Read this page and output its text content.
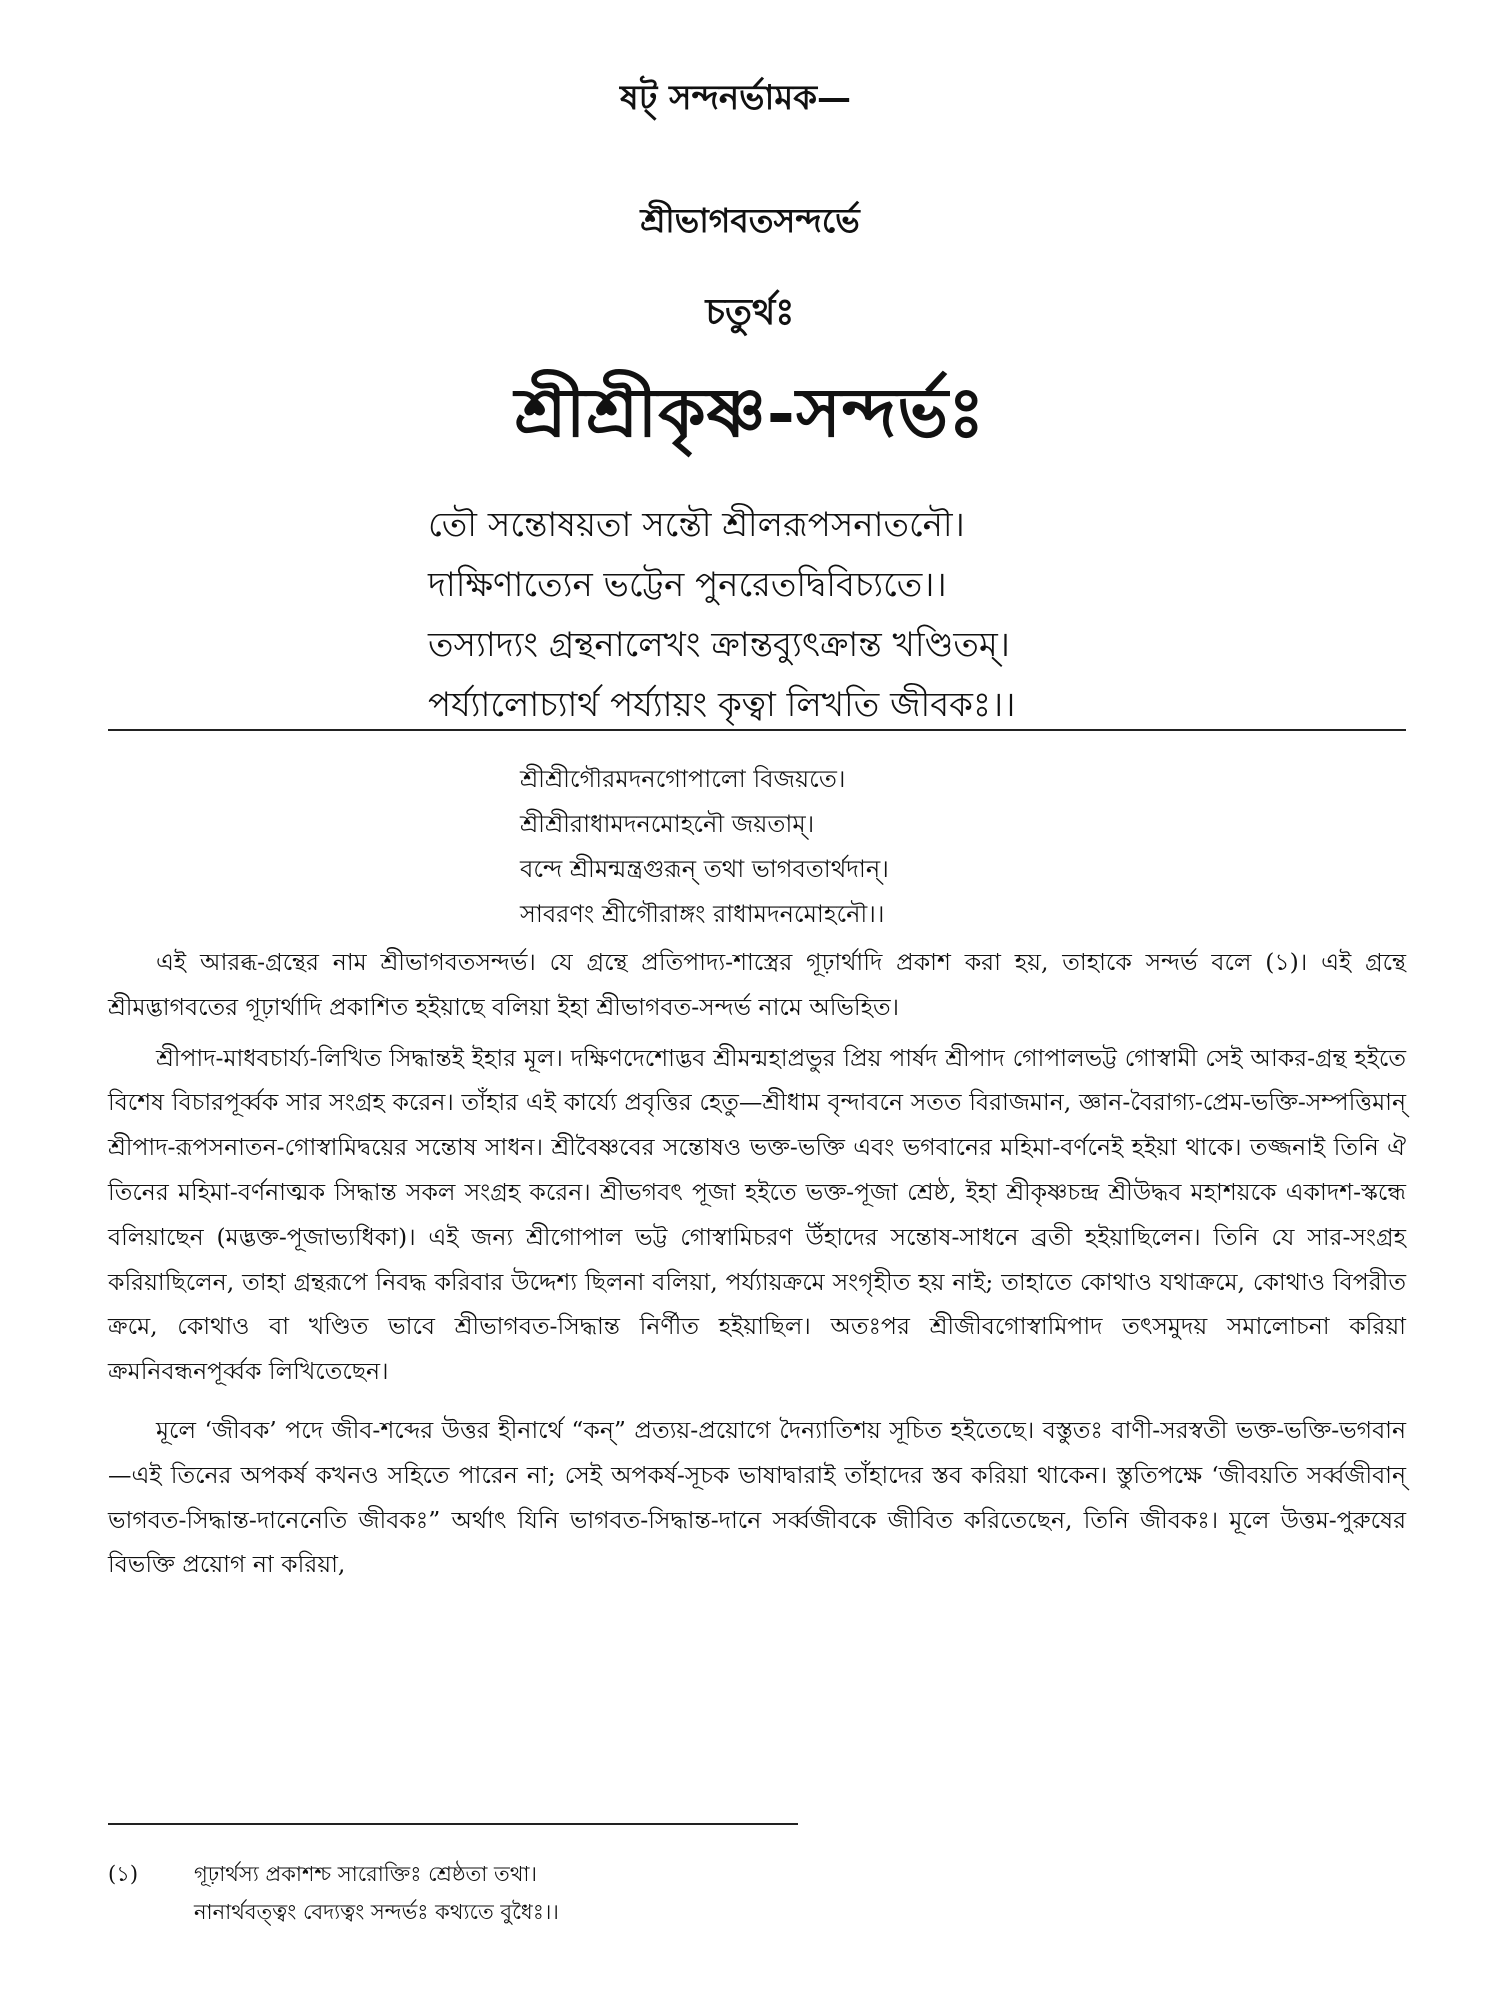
ষট্ সন্দনৰ্ভামক—
শ্রীভাগবতসন্দর্ভে
চতুর্থঃ
শ্রীশ্রীকৃষ্ণ-সন্দর্ভঃ
তৌ সন্তোষয়তা সন্তৌ শ্রীলরূপসনাতনৌ।
দাক্ষিণাত্যেন ভট্টেন পুনরেতদ্বিবিচ্যতে।।
তস্যাদ্যং গ্রন্থনালেখং ক্রান্তব্যুৎক্রান্ত খণ্ডিতম্।
পর্য্যালোচ্যার্থ পর্য্যায়ং কৃত্বা লিখতি জীবকঃ।।
শ্রীশ্রীগৌরমদনগোপালো বিজয়তে।
শ্রীশ্রীরাধামদনমোহনৌ জয়তাম্।
বন্দে শ্রীমন্মন্ত্রগুরূন্ তথা ভাগবতার্থদান্।
সাবরণং শ্রীগৌরাঙ্গং রাধামদনমোহনৌ।।

এই আরব্ধ-গ্রন্থের নাম শ্রীভাগবতসন্দর্ভ। যে গ্রন্থে প্রতিপাদ্য-শাস্ত্রের গূঢ়ার্থাদি প্রকাশ করা হয়, তাহাকে সন্দর্ভ বলে (১)। এই গ্রন্থে শ্রীমদ্ভাগবতের গূঢ়ার্থাদি প্রকাশিত হইয়াছে বলিয়া ইহা শ্রীভাগবত-সন্দর্ভ নামে অভিহিত।

শ্রীপাদ-মাধবচার্য্য-লিখিত সিদ্ধান্তই ইহার মূল। দক্ষিণদেশোদ্ভব শ্রীমন্মহাপ্রভুর প্রিয় পার্ষদ শ্রীপাদ গোপালভট্ট গোস্বামী সেই আকর-গ্রন্থ হইতে বিশেষ বিচারপূর্ব্বক সার সংগ্রহ করেন। তাঁহার এই কার্য্যে প্রবৃত্তির হেতু—শ্রীধাম বৃন্দাবনে সতত বিরাজমান, জ্ঞান-বৈরাগ্য-প্রেম-ভক্তি-সম্পত্তিমান্ শ্রীপাদ-রূপসনাতন-গোস্বামিদ্বয়ের সন্তোষ সাধন। শ্রীবৈষ্ণবের সন্তোষও ভক্ত-ভক্তি এবং ভগবানের মহিমা-বর্ণনেই হইয়া থাকে। তজ্জনাই তিনি ঐ তিনের মহিমা-বর্ণনাত্মক সিদ্ধান্ত সকল সংগ্রহ করেন। শ্রীভগবৎ পূজা হইতে ভক্ত-পূজা শ্রেষ্ঠ, ইহা শ্রীকৃষ্ণচন্দ্র শ্রীউদ্ধব মহাশয়কে একাদশ-স্কন্ধে বলিয়াছেন (মদ্ভক্ত-পূজাভ্যধিকা)। এই জন্য শ্রীগোপাল ভট্ট গোস্বামিচরণ উঁহাদের সন্তোষ-সাধনে ব্রতী হইয়াছিলেন। তিনি যে সার-সংগ্রহ করিয়াছিলেন, তাহা গ্রন্থরূপে নিবদ্ধ করিবার উদ্দেশ্য ছিলনা বলিয়া, পর্য্যায়ক্রমে সংগৃহীত হয় নাই; তাহাতে কোথাও যথাক্রমে, কোথাও বিপরীত ক্রমে, কোথাও বা খণ্ডিত ভাবে শ্রীভাগবত-সিদ্ধান্ত নির্ণীত হইয়াছিল। অতঃপর শ্রীজীবগোস্বামিপাদ তৎসমুদয় সমালোচনা করিয়া ক্রমনিবন্ধনপূর্ব্বক লিখিতেছেন।

মূলে ‘জীবক’ পদে জীব-শব্দের উত্তর হীনার্থে “কন্” প্রত্যয়-প্রয়োগে দৈন্যাতিশয় সূচিত হইতেছে। বস্তুতঃ বাণী-সরস্বতী ভক্ত-ভক্তি-ভগবান—এই তিনের অপকর্ষ কখনও সহিতে পারেন না; সেই অপকর্ষ-সূচক ভাষাদ্বারাই তাঁহাদের স্তব করিয়া থাকেন। স্তুতিপক্ষে ‘জীবয়তি সর্ব্বজীবান্ ভাগবত-সিদ্ধান্ত-দানেনেতি জীবকঃ” অর্থাৎ যিনি ভাগবত-সিদ্ধান্ত-দানে সর্ব্বজীবকে জীবিত করিতেছেন, তিনি জীবকঃ। মূলে উত্তম-পুরুষের বিভক্তি প্রয়োগ না করিয়া,

(১)	গূঢ়ার্থস্য প্রকাশশ্চ সারোক্তিঃ শ্রেষ্ঠতা তথা।
নানার্থবত্ত্বং বেদ্যত্বং সন্দর্ভঃ কথ্যতে বুধৈঃ।।
